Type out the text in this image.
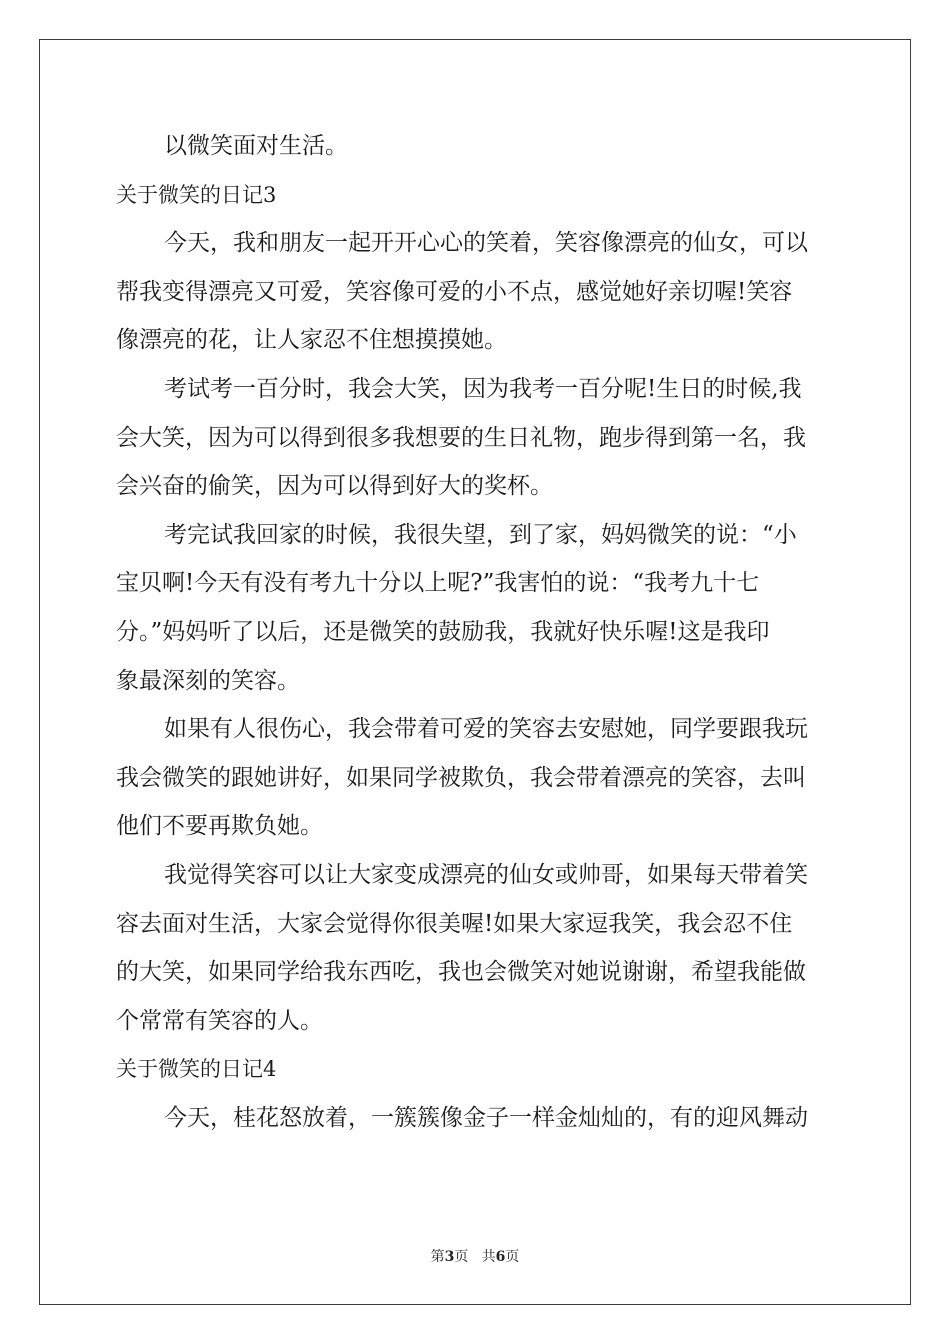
以微笑面对生活。
关于微笑的日记3
今天，我和朋友一起开开心心的笑着，笑容像漂亮的仙女，可以
帮我变得漂亮又可爱，笑容像可爱的小不点，感觉她好亲切喔!笑容
像漂亮的花，让人家忍不住想摸摸她。
考试考一百分时，我会大笑，因为我考一百分呢!生日的时候,我
会大笑，因为可以得到很多我想要的生日礼物，跑步得到第一名，我
会兴奋的偷笑，因为可以得到好大的奖杯。
考完试我回家的时候，我很失望，到了家，妈妈微笑的说：“小
宝贝啊!今天有没有考九十分以上呢?”我害怕的说：“我考九十七
分。”妈妈听了以后，还是微笑的鼓励我，我就好快乐喔!这是我印
象最深刻的笑容。
如果有人很伤心，我会带着可爱的笑容去安慰她，同学要跟我玩
我会微笑的跟她讲好，如果同学被欺负，我会带着漂亮的笑容，去叫
他们不要再欺负她。
我觉得笑容可以让大家变成漂亮的仙女或帅哥，如果每天带着笑
容去面对生活，大家会觉得你很美喔!如果大家逗我笑，我会忍不住
的大笑，如果同学给我东西吃，我也会微笑对她说谢谢，希望我能做
个常常有笑容的人。
关于微笑的日记4
今天，桂花怒放着，一簇簇像金子一样金灿灿的，有的迎风舞动
第3页 共6页
